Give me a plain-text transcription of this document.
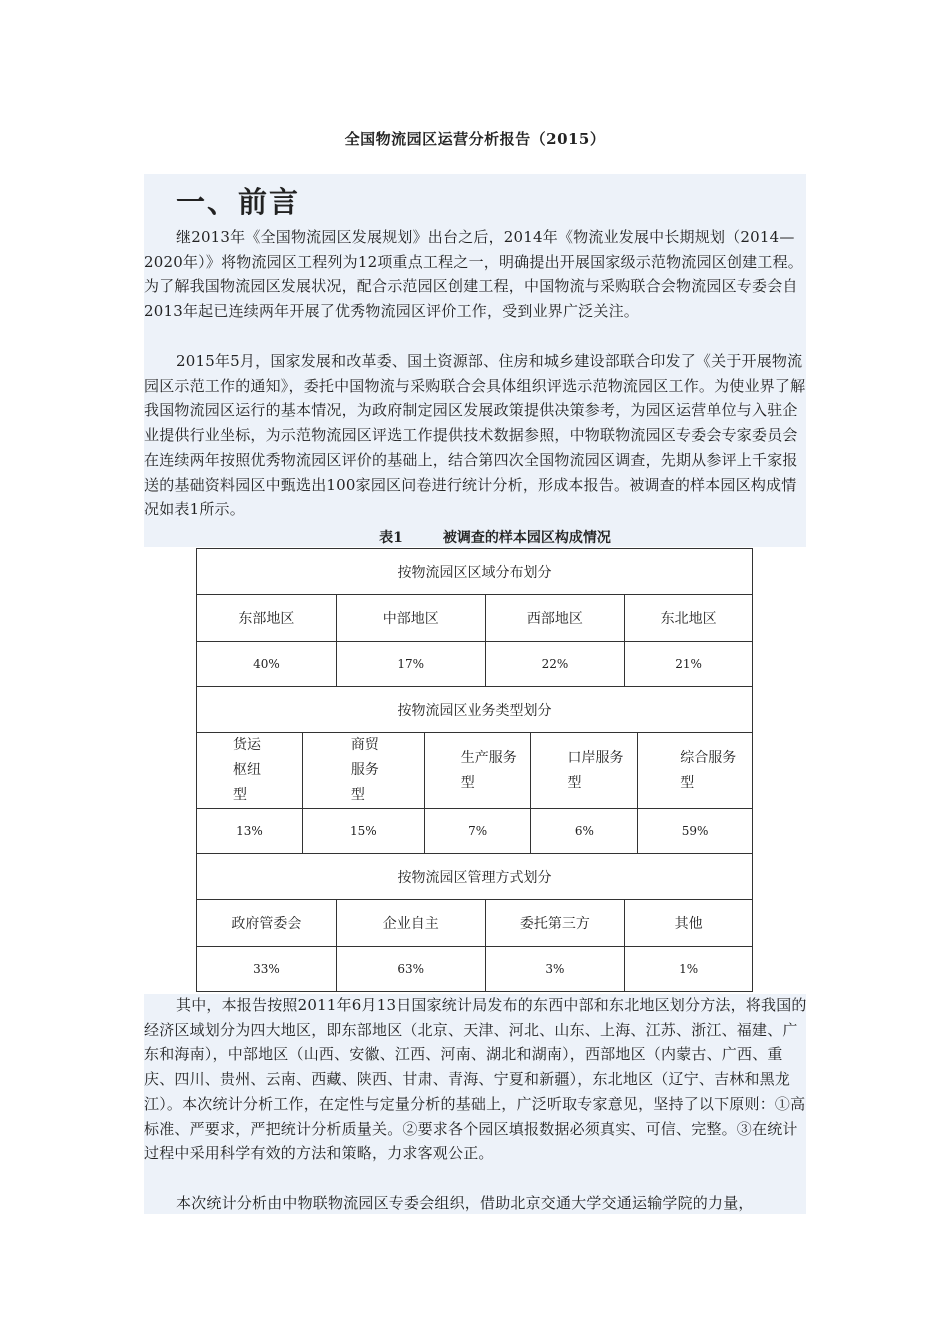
全国物流园区运营分析报告（2015）
一、前言

继2013年《全国物流园区发展规划》出台之后，2014年《物流业发展中长期规划（2014—2020年）》将物流园区工程列为12项重点工程之一，明确提出开展国家级示范物流园区创建工程。为了解我国物流园区发展状况，配合示范园区创建工程，中国物流与采购联合会物流园区专委会自2013年起已连续两年开展了优秀物流园区评价工作，受到业界广泛关注。

2015年5月，国家发展和改革委、国土资源部、住房和城乡建设部联合印发了《关于开展物流园区示范工作的通知》，委托中国物流与采购联合会具体组织评选示范物流园区工作。为使业界了解我国物流园区运行的基本情况，为政府制定园区发展政策提供决策参考，为园区运营单位与入驻企业提供行业坐标，为示范物流园区评选工作提供技术数据参照，中物联物流园区专委会专家委员会在连续两年按照优秀物流园区评价的基础上，结合第四次全国物流园区调查，先期从参评上千家报送的基础资料园区中甄选出100家园区问卷进行统计分析，形成本报告。被调查的样本园区构成情况如表1所示。

表1	被调查的样本园区构成情况
按物流园区区域分布划分							
东部地区		中部地区		西部地区		东北地区	
40%		17%		22%		21%	
按物流园区业务类型划分							
货运枢纽型	商贸服务型		生产服务型		口岸服务型		综合服务型
13%	15%		7%		6%		59%
按物流园区管理方式划分							
政府管委会		企业自主		委托第三方		其他	
33%		63%		3%		1%	

其中，本报告按照2011年6月13日国家统计局发布的东西中部和东北地区划分方法，将我国的经济区域划分为四大地区，即东部地区（北京、天津、河北、山东、上海、江苏、浙江、福建、广东和海南），中部地区（山西、安徽、江西、河南、湖北和湖南），西部地区（内蒙古、广西、重庆、四川、贵州、云南、西藏、陕西、甘肃、青海、宁夏和新疆），东北地区（辽宁、吉林和黑龙江）。本次统计分析工作，在定性与定量分析的基础上，广泛听取专家意见，坚持了以下原则：①高标准、严要求，严把统计分析质量关。②要求各个园区填报数据必须真实、可信、完整。③在统计过程中采用科学有效的方法和策略，力求客观公正。

本次统计分析由中物联物流园区专委会组织，借助北京交通大学交通运输学院的力量，
